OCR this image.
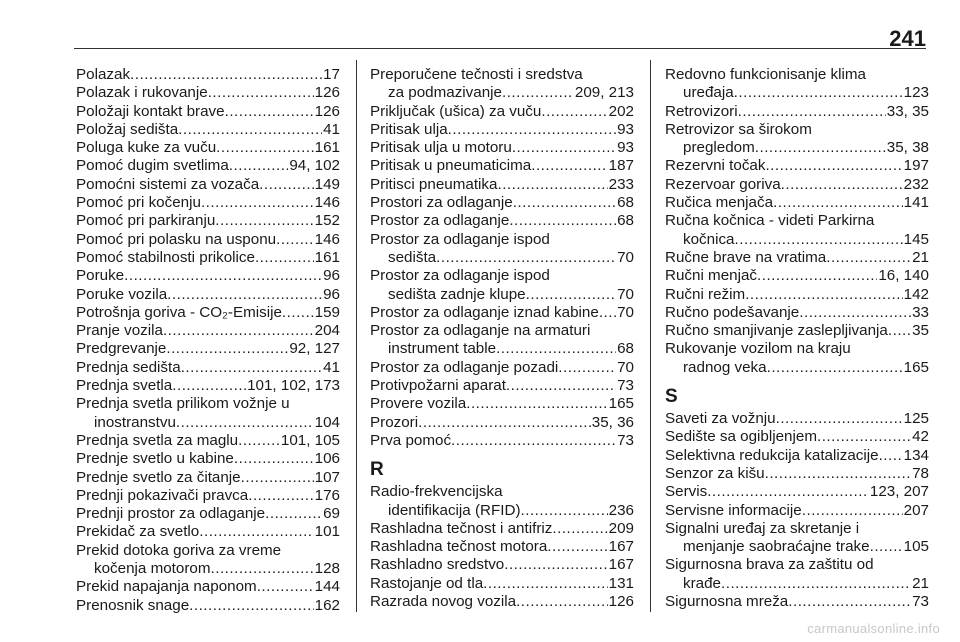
241
Polazak .....	17
Polazak i rukovanje .....	126
Položaji kontakt brave .....	126
Položaj sedišta .....	41
Poluga kuke za vuču .....	161
Pomoć dugim svetlima .....	94, 102
Pomoćni sistemi za vozača .....	149
Pomoć pri kočenju .....	146
Pomoć pri parkiranju .....	152
Pomoć pri polasku na usponu .....	146
Pomoć stabilnosti prikolice .....	161
Poruke .....	96
Poruke vozila .....	96
Potrošnja goriva - CO₂-Emisije ..... 159
Pranje vozila .....	204
Predgrevanje .....	92, 127
Prednja sedišta .....	41
Prednja svetla .....	101, 102, 173
Prednja svetla prilikom vožnje u
inostranstvu .....	104
Prednja svetla za maglu .....	101, 105
Prednje svetlo u kabine .....	106
Prednje svetlo za čitanje .....	107
Prednji pokazivači pravca .....	176
Prednji prostor za odlaganje .....	69
Prekidač za svetlo .....	101
Prekid dotoka goriva za vreme
kočenja motorom .....	128
Prekid napajanja naponom .....	144
Prenosnik snage .....	162
Preporučene tečnosti i sredstva
za podmazivanje .....	209, 213
Priključak (ušica) za vuču .....	202
Pritisak ulja .....	93
Pritisak ulja u motoru .....	93
Pritisak u pneumaticima .....	187
Pritisci pneumatika .....	233
Prostori za odlaganje .....	68
Prostor za odlaganje .....	68
Prostor za odlaganje ispod
sedišta .....	70
Prostor za odlaganje ispod
sedišta zadnje klupe .....	70
Prostor za odlaganje iznad kabine ..... 70
Prostor za odlaganje na armaturi
instrument table .....	68
Prostor za odlaganje pozadi .....	70
Protivpožarni aparat .....	73
Provere vozila .....	165
Prozori .....	35, 36
Prva pomoć .....	73
R
Radio-frekvencijska
identifikacija (RFID) .....	236
Rashladna tečnost i antifriz .....	209
Rashladna tečnost motora .....	167
Rashladno sredstvo .....	167
Rastojanje od tla .....	131
Razrada novog vozila .....	126
Redovno funkcionisanje klima
uređaja .....	123
Retrovizori .....	33, 35
Retrovizor sa širokom
pregledom .....	35, 38
Rezervni točak .....	197
Rezervoar goriva .....	232
Ručica menjača .....	141
Ručna kočnica - videti Parkirna
kočnica .....	145
Ručne brave na vratima .....	21
Ručni menjač .....	16, 140
Ručni režim .....	142
Ručno podešavanje .....	33
Ručno smanjivanje zaslepljivanja ..... 35
Rukovanje vozilom na kraju
radnog veka .....	165
S
Saveti za vožnju .....	125
Sedište sa ogibljenjem .....	42
Selektivna redukcija katalizacije ..... 134
Senzor za kišu .....	78
Servis .....	123, 207
Servisne informacije .....	207
Signalni uređaj za skretanje i
menjanje saobraćajne trake ..... 105
Sigurnosna brava za zaštitu od
krađe .....	21
Sigurnosna mreža .....	73
carmanualsonline.info
